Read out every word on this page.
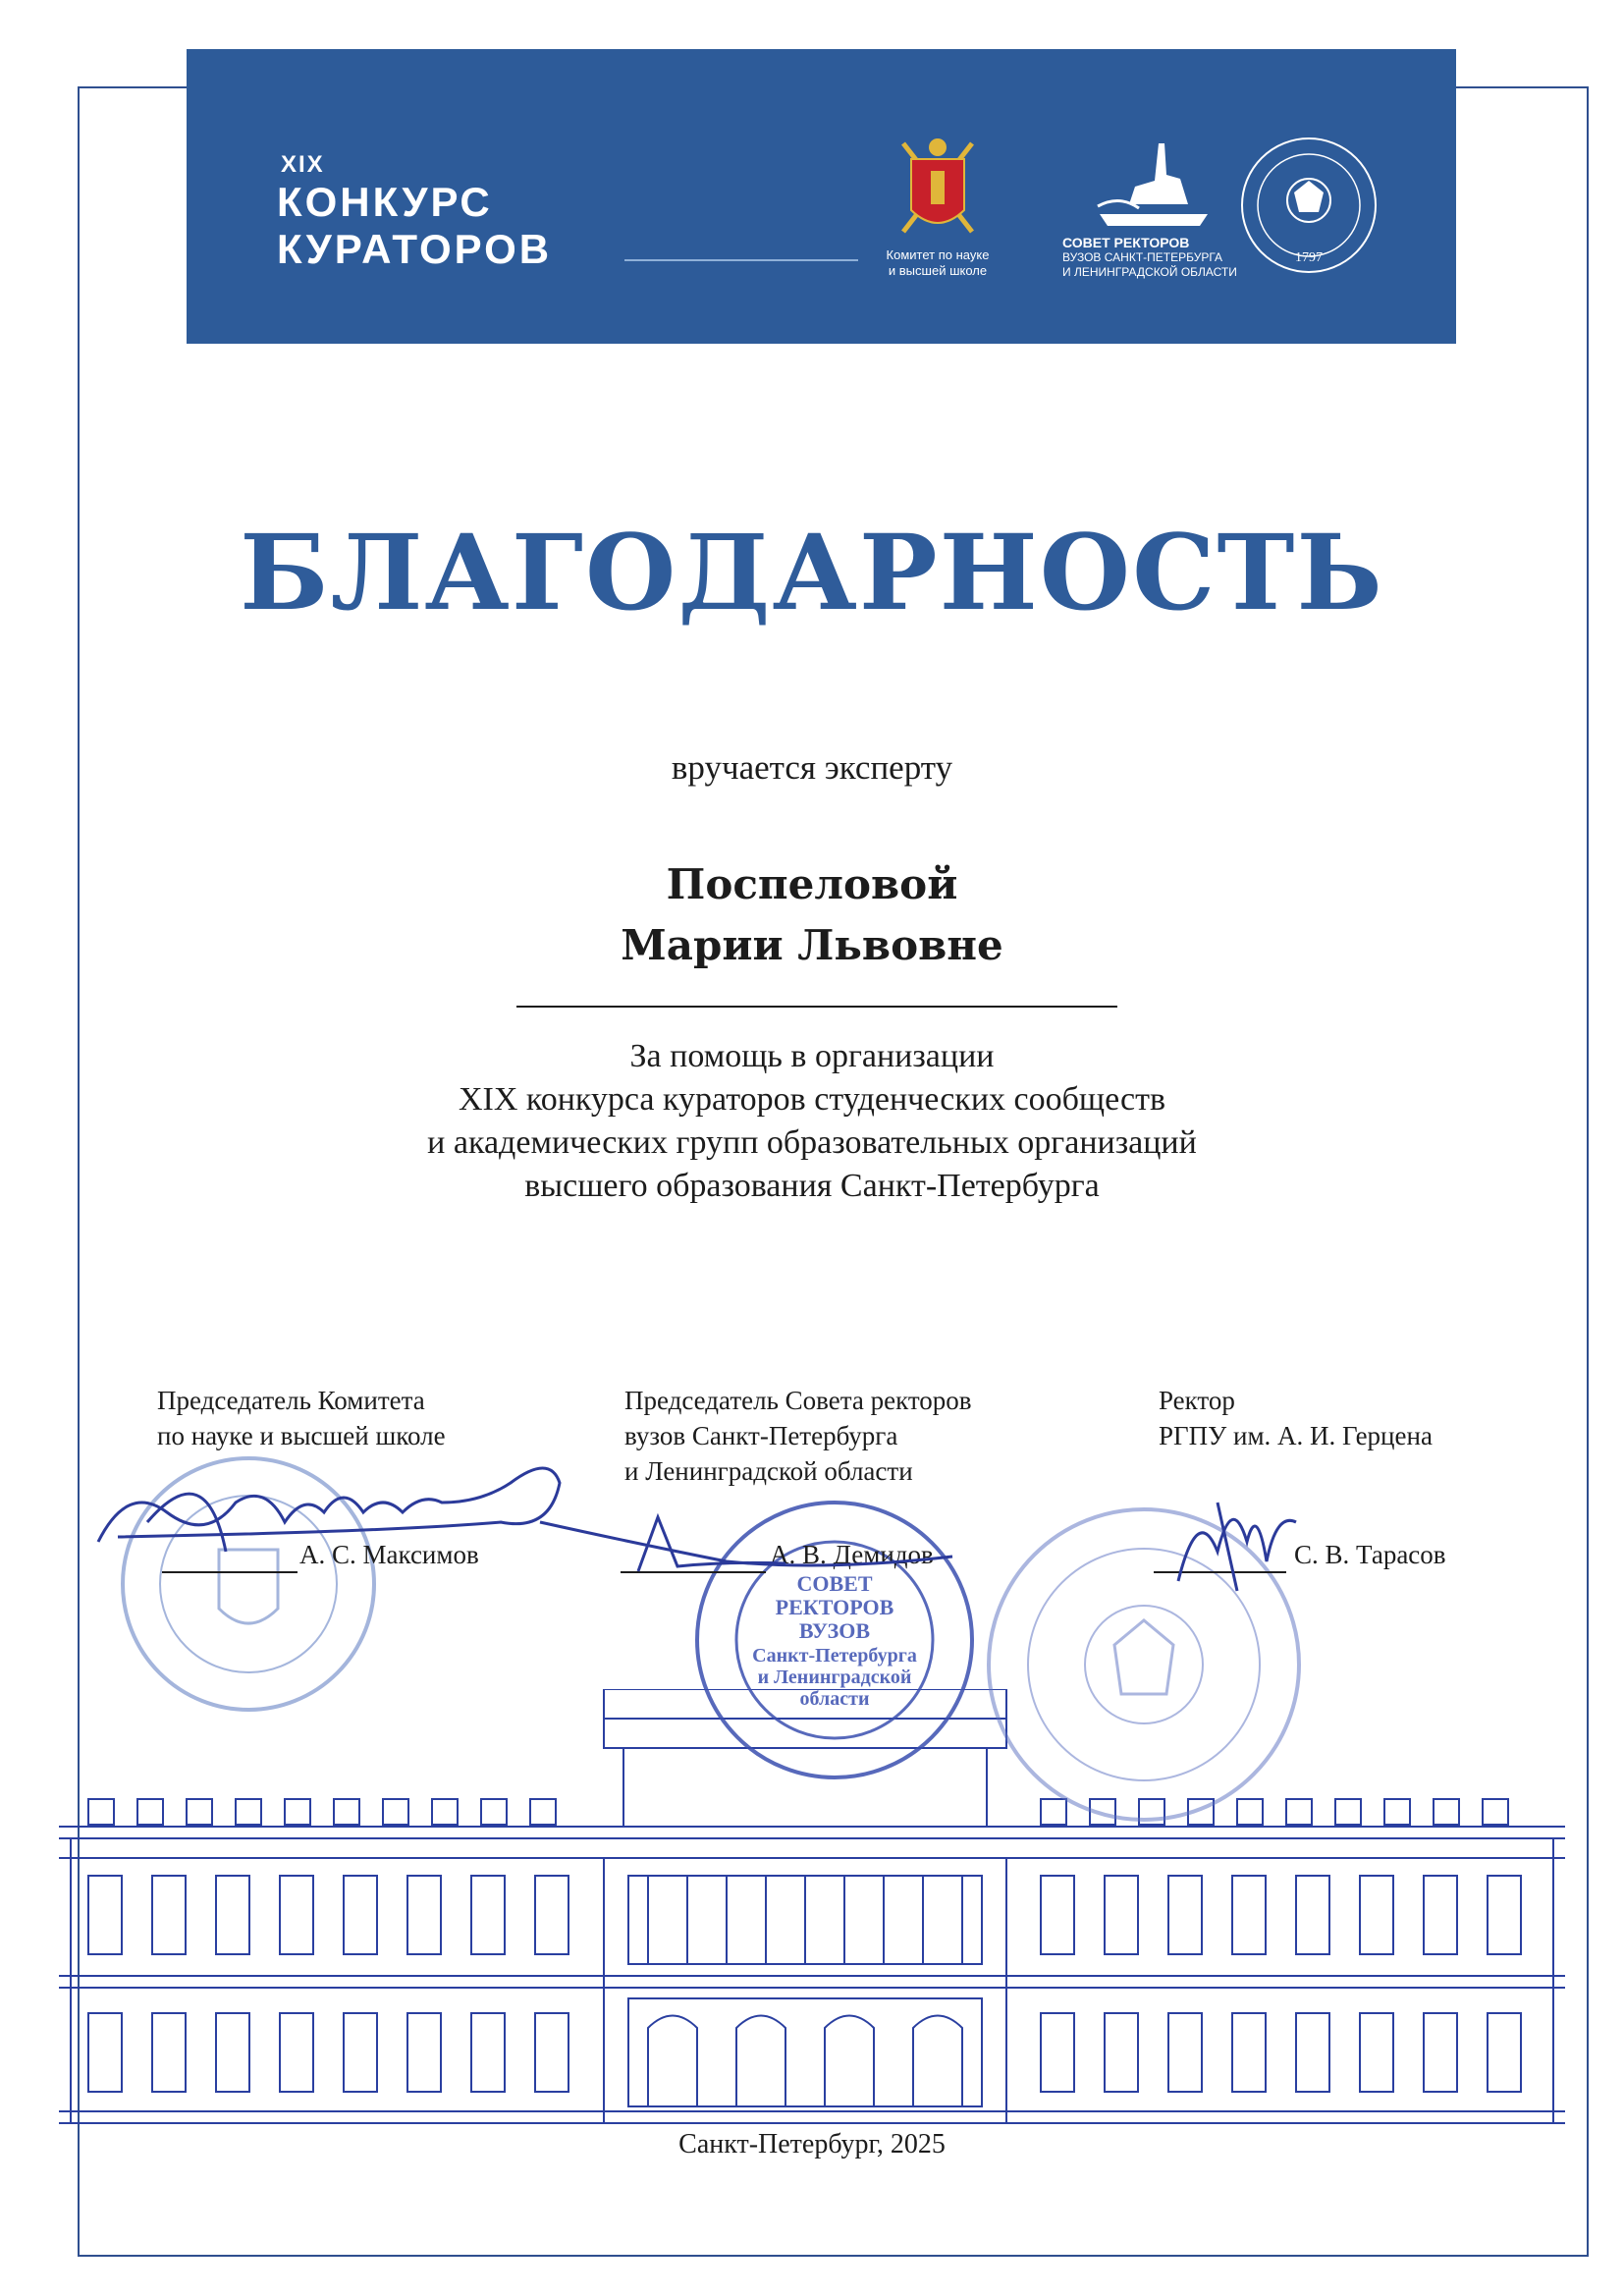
XIX
КОНКУРС
КУРАТОРОВ	Комитет по науке
и высшей школе
СОВЕТ РЕКТОРОВ
ВУЗОВ САНКТ-ПЕТЕРБУРГА
И ЛЕНИНГРАДСКОЙ ОБЛАСТИ
1797
БЛАГОДАРНОСТЬ
вручается эксперту
Поспеловой
Марии Львовне
За помощь в организации
XIX конкурса кураторов студенческих сообществ
и академических групп образовательных организаций
высшего образования Санкт-Петербурга
СОВЕТ
РЕКТОРОВ
ВУЗОВ
Санкт-Петербурга
и Ленинградской
области
Председатель Комитета
по науке и высшей школе
А. С. Максимов
Председатель Совета ректоров
вузов Санкт-Петербурга
и Ленинградской области
А. В. Демидов
Ректор
РГПУ им. А. И. Герцена
С. В. Тарасов
Санкт-Петербург, 2025
